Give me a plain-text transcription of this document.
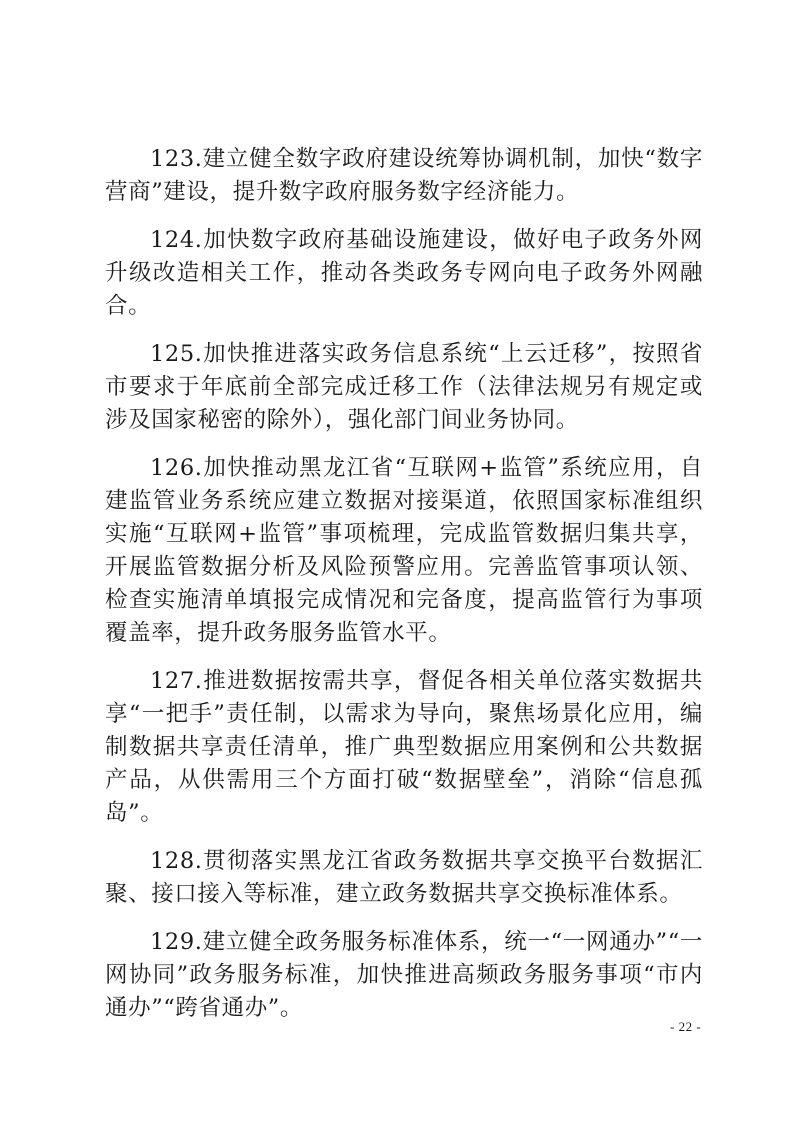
123.建立健全数字政府建设统筹协调机制，加快“数字营商”建设，提升数字政府服务数字经济能力。

124.加快数字政府基础设施建设，做好电子政务外网升级改造相关工作，推动各类政务专网向电子政务外网融合。

125.加快推进落实政务信息系统“上云迁移”，按照省市要求于年底前全部完成迁移工作（法律法规另有规定或涉及国家秘密的除外），强化部门间业务协同。

126.加快推动黑龙江省“互联网+监管”系统应用，自建监管业务系统应建立数据对接渠道，依照国家标准组织实施“互联网+监管”事项梳理，完成监管数据归集共享，开展监管数据分析及风险预警应用。完善监管事项认领、检查实施清单填报完成情况和完备度，提高监管行为事项覆盖率，提升政务服务监管水平。

127.推进数据按需共享，督促各相关单位落实数据共享“一把手”责任制，以需求为导向，聚焦场景化应用，编制数据共享责任清单，推广典型数据应用案例和公共数据产品，从供需用三个方面打破“数据壁垒”，消除“信息孤岛”。

128.贯彻落实黑龙江省政务数据共享交换平台数据汇聚、接口接入等标准，建立政务数据共享交换标准体系。

129.建立健全政务服务标准体系，统一“一网通办”“一网协同”政务服务标准，加快推进高频政务服务事项“市内通办”“跨省通办”。

- 22 -
